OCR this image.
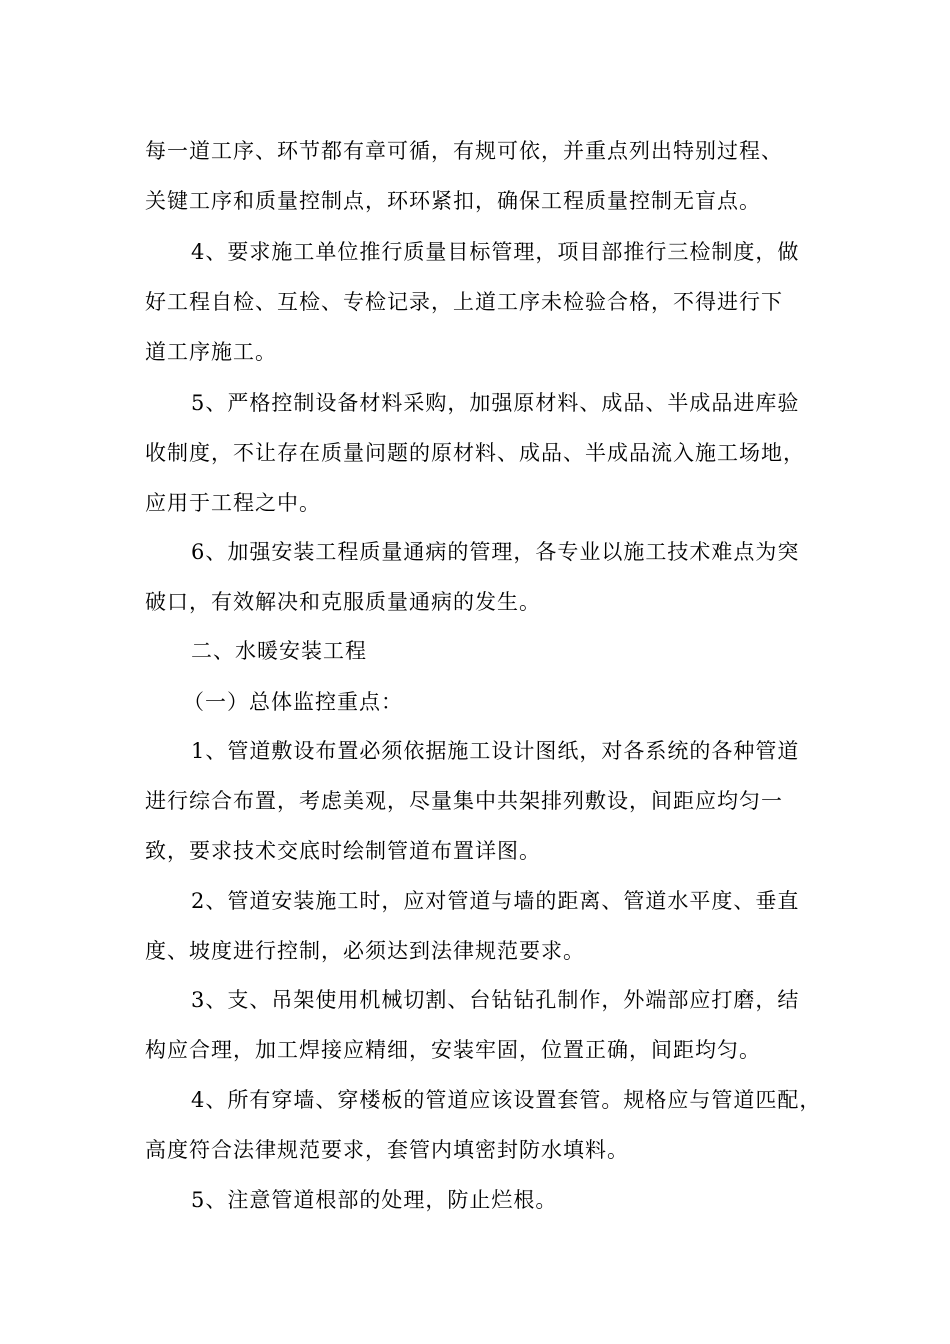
每一道工序、环节都有章可循，有规可依，并重点列出特别过程、
关键工序和质量控制点，环环紧扣，确保工程质量控制无盲点。
4、要求施工单位推行质量目标管理，项目部推行三检制度，做
好工程自检、互检、专检记录，上道工序未检验合格，不得进行下
道工序施工。
5、严格控制设备材料采购，加强原材料、成品、半成品进库验
收制度，不让存在质量问题的原材料、成品、半成品流入施工场地，
应用于工程之中。
6、加强安装工程质量通病的管理，各专业以施工技术难点为突
破口，有效解决和克服质量通病的发生。
二、水暖安装工程
（一）总体监控重点：
1、管道敷设布置必须依据施工设计图纸，对各系统的各种管道
进行综合布置，考虑美观，尽量集中共架排列敷设，间距应均匀一
致，要求技术交底时绘制管道布置详图。
2、管道安装施工时，应对管道与墙的距离、管道水平度、垂直
度、坡度进行控制，必须达到法律规范要求。
3、支、吊架使用机械切割、台钻钻孔制作，外端部应打磨，结
构应合理，加工焊接应精细，安装牢固，位置正确，间距均匀。
4、所有穿墙、穿楼板的管道应该设置套管。规格应与管道匹配，
高度符合法律规范要求，套管内填密封防水填料。
5、注意管道根部的处理，防止烂根。
